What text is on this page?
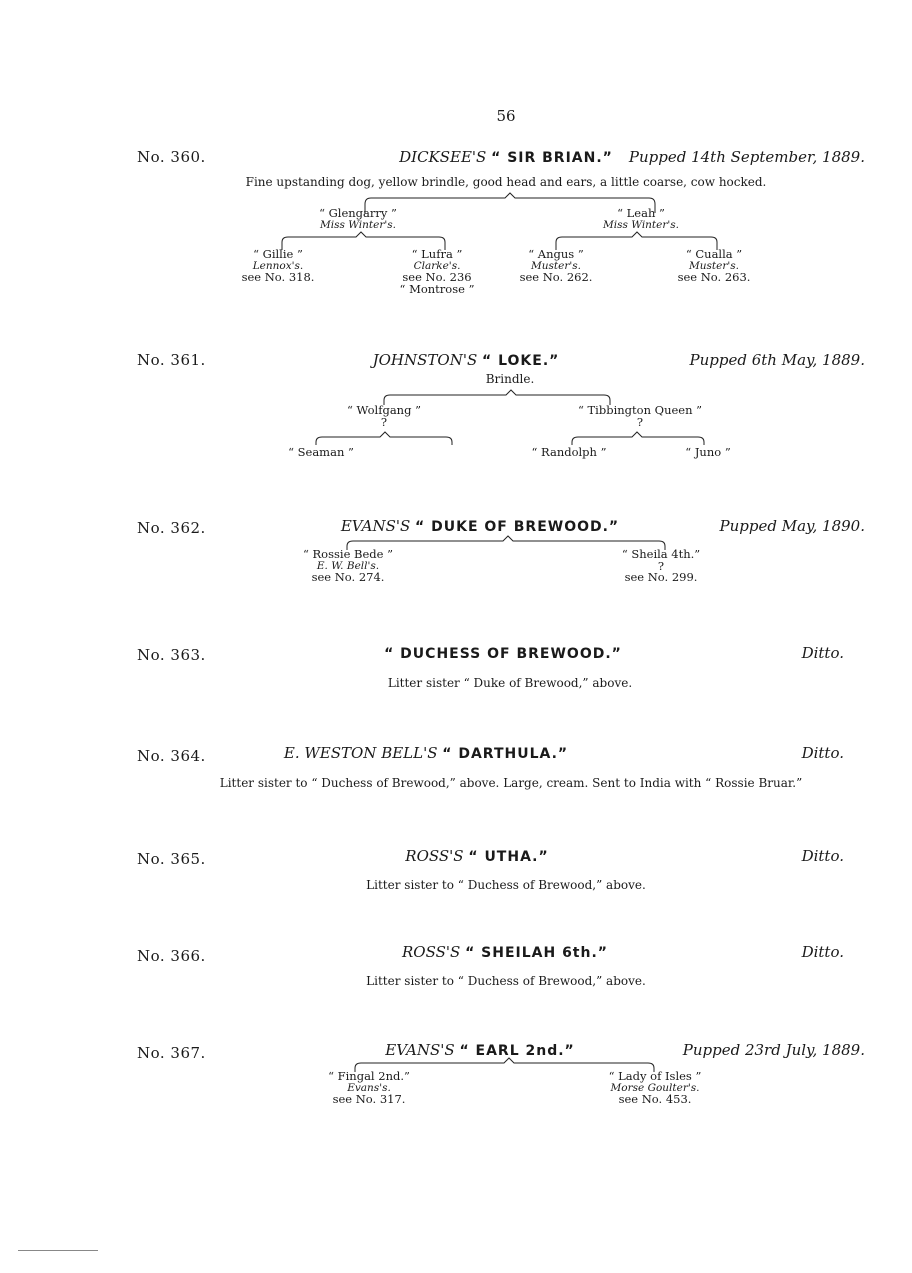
56
No. 360.	DICKSEE'S “ SIR BRIAN.” Pupped 14th September, 1889.
Fine upstanding dog, yellow brindle, good head and ears, a little coarse, cow hocked.
“ Glengarry ”
Miss Winter's.
“ Leah ”
Miss Winter's.
“ Gillie ”
Lennox's.
see No. 318.
“ Lufra ”
Clarke's.
see No. 236
“ Montrose ”
“ Angus ”
Muster's.
see No. 262.
“ Cualla ”
Muster's.
see No. 263.
No. 361.	JOHNSTON'S “ LOKE.”	Pupped 6th May, 1889.
Brindle.
“ Wolfgang ”
?
“ Tibbington Queen ”
?
“ Seaman ”	“ Randolph ”	“ Juno ”
No. 362.	EVANS'S “ DUKE OF BREWOOD.”	Pupped May, 1890.
“ Rossie Bede ”
E. W. Bell's.
see No. 274.
“ Sheila 4th.”
?
see No. 299.
No. 363.	“ DUCHESS OF BREWOOD.”	Ditto.
Litter sister “ Duke of Brewood,” above.
No. 364.	E. WESTON BELL'S “ DARTHULA.”	Ditto.
Litter sister to “ Duchess of Brewood,” above. Large, cream. Sent to India with “ Rossie Bruar.”
No. 365.	ROSS'S “ UTHA.”	Ditto.
Litter sister to “ Duchess of Brewood,” above.
No. 366.	ROSS'S “ SHEILAH 6th.”	Ditto.
Litter sister to “ Duchess of Brewood,” above.
No. 367.	EVANS'S “ EARL 2nd.”	Pupped 23rd July, 1889.
“ Fingal 2nd.”
Evans's.
see No. 317.
“ Lady of Isles ”
Morse Goulter's.
see No. 453.
